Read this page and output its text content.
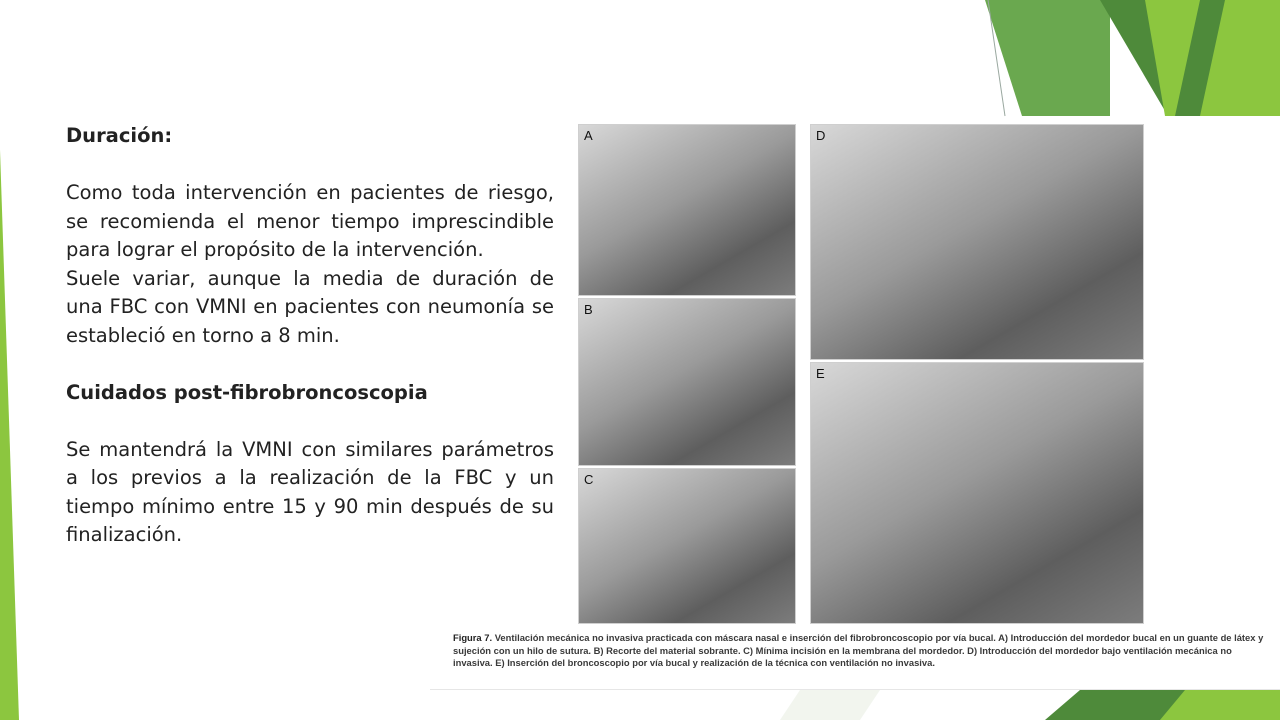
Duración:

Como toda intervención en pacientes de riesgo, se recomienda el menor tiempo imprescindible para lograr el propósito de la intervención.

Suele variar, aunque la media de duración de una FBC con VMNI en pacientes con neumonía se estableció en torno a 8 min.

Cuidados post-fibrobroncoscopia

Se mantendrá la VMNI con similares parámetros a los previos a la realización de la FBC y un tiempo mínimo entre 15 y 90 min después de su finalización.

A
B
C
D
E
Figura 7. Ventilación mecánica no invasiva practicada con máscara nasal e inserción del fibrobroncoscopio por vía bucal. A) Introducción del mordedor bucal en un guante de látex y sujeción con un hilo de sutura. B) Recorte del material sobrante. C) Mínima incisión en la membrana del mordedor. D) Introducción del mordedor bajo ventilación mecánica no invasiva. E) Inserción del broncoscopio por vía bucal y realización de la técnica con ventilación no invasiva.
